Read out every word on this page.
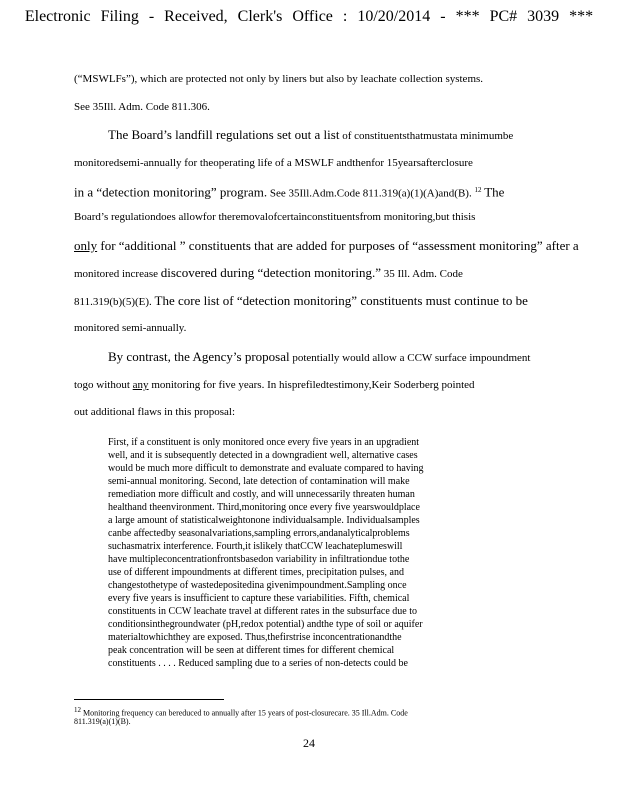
Electronic Filing - Received, Clerk's Office : 10/20/2014 - *** PC# 3039 ***
(“MSWLFs”), which are protected not only by liners but also by leachate collection systems.
See 35Ill. Adm. Code 811.306.
The Board’s landfill regulations set out a list of constituentsthatmustata minimumbe
monitoredsemi-annually for theoperating life of a MSWLF andthenfor 15yearsafterclosure
in a “detection monitoring” program. See 35Ill.Adm.Code 811.319(a)(1)(A)and(B). $^{12}$ The
Board’s regulationdoes allowfor theremovalofcertainconstituentsfrom monitoring,but thisis
only for “additional ” constituents that are added for purposes of “assessment monitoring” after a
monitored increase discovered during “detection monitoring.” 35 Ill. Adm. Code
811.319(b)(5)(E). The core list of “detection monitoring” constituents must continue to be
monitored semi-annually.
By contrast, the Agency’s proposal potentially would allow a CCW surface impoundment
togo without any monitoring for five years. In hisprefiledtestimony,Keir Soderberg pointed
out additional flaws in this proposal:
First, if a constituent is only monitored once every five years in an upgradient
well, and it is subsequently detected in a downgradient well, alternative cases
would be much more difficult to demonstrate and evaluate compared to having
semi-annual monitoring. Second, late detection of contamination will make
remediation more difficult and costly, and will unnecessarily threaten human
healthand theenvironment. Third,monitoring once every five yearswouldplace
a large amount of statisticalweightonone individualsample. Individualsamples
canbe affectedby seasonalvariations,sampling errors,andanalyticalproblems
suchasmatrix interference. Fourth,it islikely thatCCW leachateplumeswill
have multipleconcentrationfrontsbasedon variability in infiltrationdue tothe
use of different impoundments at different times, precipitation pulses, and
changestothetype of wastedepositedina givenimpoundment.Sampling once
every five years is insufficient to capture these variabilities. Fifth, chemical
constituents in CCW leachate travel at different rates in the subsurface due to
conditionsinthegroundwater (pH,redox potential) andthe type of soil or aquifer
materialtowhichthey are exposed. Thus,thefirstrise inconcentrationandthe
peak concentration will be seen at different times for different chemical
constituents . . . . Reduced sampling due to a series of non-detects could be
12 Monitoring frequency can bereduced to annually after 15 years of post-closurecare. 35 Ill.Adm. Code
811.319(a)(1)(B).
24
